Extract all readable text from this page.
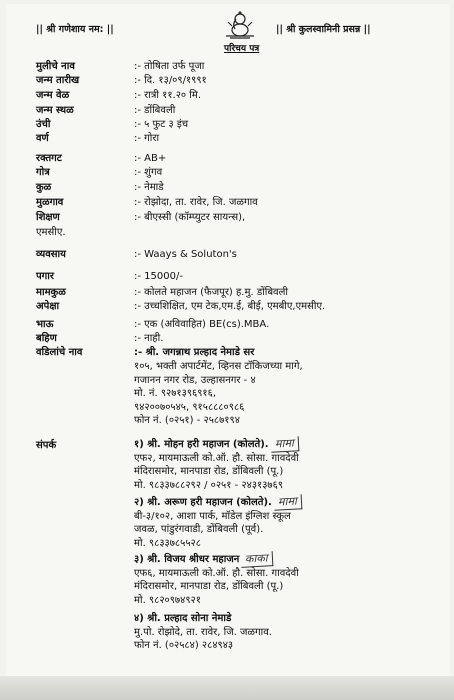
|| श्री गणेशाय नम: ||	|| श्री कुलस्वामिनी प्रसन्न ||
परिचय पत्र
मुलीचे नाव	:- तोषिता उर्फ पूजा
जन्म तारीख	:- दि. १३/०९/१९९१
जन्म वेळ	:- रात्री ११.२० मि.
जन्म स्थळ	:- डोंबिवली
उंची	:- ५ फुट ३ इंच
वर्ण	:- गोरा
रक्तगट	:- AB+
गोत्र	:- शुंगव
कुळ	:- नेमाडे
मुळगाव	:- रोझोदा, ता. रावेर, जि. जळगाव
शिक्षण	:- बीएस्सी (कॉम्प्युटर सायन्स),
एमसीए.
व्यवसाय	:- Waays & Soluton's
पगार	:- 15000/-
मामकुळ	:- कोलते महाजन (फैजपूर) ह.मु. डोंबिवली
अपेक्षा	:- उच्चशिक्षित, एम टेक,एम.ई, बीई, एमबीए,एमसीए.
भाऊ	:- एक (अविवाहित) BE(cs).MBA.
बहिण	:- नाही.
वडिलांचे नाव	:- श्री. जगन्नाथ प्रल्हाद नेमाडे सर
१०५, भक्ती अपार्टमेंट, व्हिनस टॉकिजच्या मागे,
गजानन नगर रोड, उल्हासनगर - ४
मो. नं. ९२७१३९६९१६,
९४२००७०५४५, ९१५८८८०९८६
फोन नं. (०२५१) - २५८७१९४
संपर्क	१) श्री. मोहन हरी महाजन (कोलते). मामा
एफ२, मायमाऊली को.ऑ. हौ. सोसा. गावदेवी
मंदिरासमोर, मानपाडा रोड, डोंबिवली (पू.)
मो. ९८३३७८८२९२ / ०२५१ - २४३१३७६९
२) श्री. अरूण हरी महाजन (कोलते). मामा
बी-३/१०२, आशा पार्क, मॉडेल इंग्लिश स्कूल
जवळ, पांडुरंगवाडी, डोंबिवली (पूर्व).
मो. ९८३३७८५५२८
३) श्री. विजय श्रीधर महाजन काका
एफ६, मायमाऊली को.ऑ. हौ. सोसा. गावदेवी
मंदिरासमोर, मानपाडा रोड, डोंबिवली (पू.)
मो. ९८२०९७४९२१
४) श्री. प्रल्हाद सोना नेमाडे
मु.पो. रोझोदे, ता. रावेर, जि. जळगाव.
फोन नं. (०२५८४) २८४९४३
